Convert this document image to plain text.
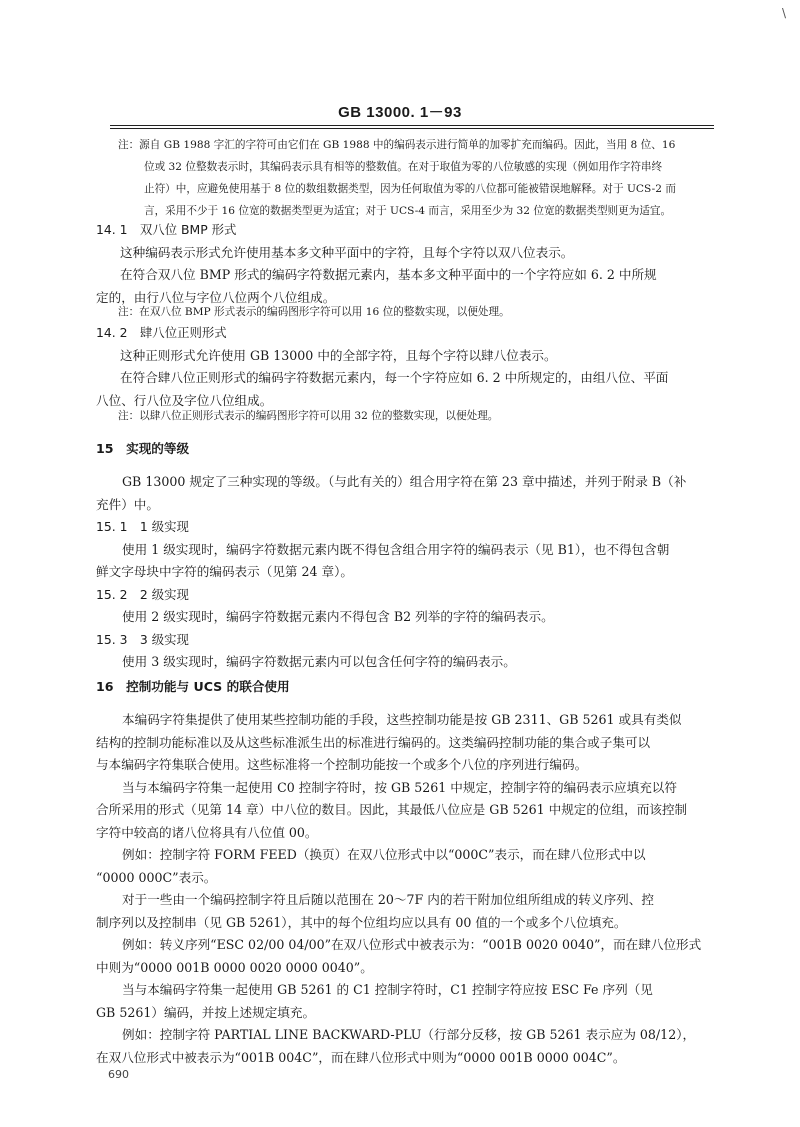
\
GB 13000. 1－93

注：源自 GB 1988 字汇的字符可由它们在 GB 1988 中的编码表示进行简单的加零扩充而编码。因此，当用 8 位、16

位或 32 位整数表示时，其编码表示具有相等的整数值。在对于取值为零的八位敏感的实现（例如用作字符串终

止符）中，应避免使用基于 8 位的数组数据类型，因为任何取值为零的八位都可能被错误地解释。对于 UCS-2 而

言，采用不少于 16 位宽的数据类型更为适宜；对于 UCS-4 而言，采用至少为 32 位宽的数据类型则更为适宜。

14. 1　双八位 BMP 形式

这种编码表示形式允许使用基本多文种平面中的字符，且每个字符以双八位表示。

在符合双八位 BMP 形式的编码字符数据元素内，基本多文种平面中的一个字符应如 6. 2 中所规

定的，由行八位与字位八位两个八位组成。

注：在双八位 BMP 形式表示的编码图形字符可以用 16 位的整数实现，以便处理。

14. 2　肆八位正则形式

这种正则形式允许使用 GB 13000 中的全部字符，且每个字符以肆八位表示。

在符合肆八位正则形式的编码字符数据元素内，每一个字符应如 6. 2 中所规定的，由组八位、平面

八位、行八位及字位八位组成。

注：以肆八位正则形式表示的编码图形字符可以用 32 位的整数实现，以便处理。

15　实现的等级

GB 13000 规定了三种实现的等级。（与此有关的）组合用字符在第 23 章中描述，并列于附录 B（补

充件）中。

15. 1　1 级实现

使用 1 级实现时，编码字符数据元素内既不得包含组合用字符的编码表示（见 B1），也不得包含朝

鲜文字母块中字符的编码表示（见第 24 章）。

15. 2　2 级实现

使用 2 级实现时，编码字符数据元素内不得包含 B2 列举的字符的编码表示。

15. 3　3 级实现

使用 3 级实现时，编码字符数据元素内可以包含任何字符的编码表示。

16　控制功能与 UCS 的联合使用

本编码字符集提供了使用某些控制功能的手段，这些控制功能是按 GB 2311、GB 5261 或具有类似

结构的控制功能标准以及从这些标准派生出的标准进行编码的。这类编码控制功能的集合或子集可以

与本编码字符集联合使用。这些标准将一个控制功能按一个或多个八位的序列进行编码。

当与本编码字符集一起使用 C0 控制字符时，按 GB 5261 中规定，控制字符的编码表示应填充以符

合所采用的形式（见第 14 章）中八位的数目。因此，其最低八位应是 GB 5261 中规定的位组，而该控制

字符中较高的诸八位将具有八位值 00。

例如：控制字符 FORM FEED（换页）在双八位形式中以“000C”表示，而在肆八位形式中以

“0000 000C”表示。

对于一些由一个编码控制字符且后随以范围在 20～7F 内的若干附加位组所组成的转义序列、控

制序列以及控制串（见 GB 5261），其中的每个位组均应以具有 00 值的一个或多个八位填充。

例如：转义序列“ESC 02/00 04/00”在双八位形式中被表示为：“001B 0020 0040”，而在肆八位形式

中则为“0000 001B 0000 0020 0000 0040”。

当与本编码字符集一起使用 GB 5261 的 C1 控制字符时，C1 控制字符应按 ESC Fe 序列（见

GB 5261）编码，并按上述规定填充。

例如：控制字符 PARTIAL LINE BACKWARD-PLU（行部分反移，按 GB 5261 表示应为 08/12），

在双八位形式中被表示为“001B 004C”，而在肆八位形式中则为“0000 001B 0000 004C”。

690
